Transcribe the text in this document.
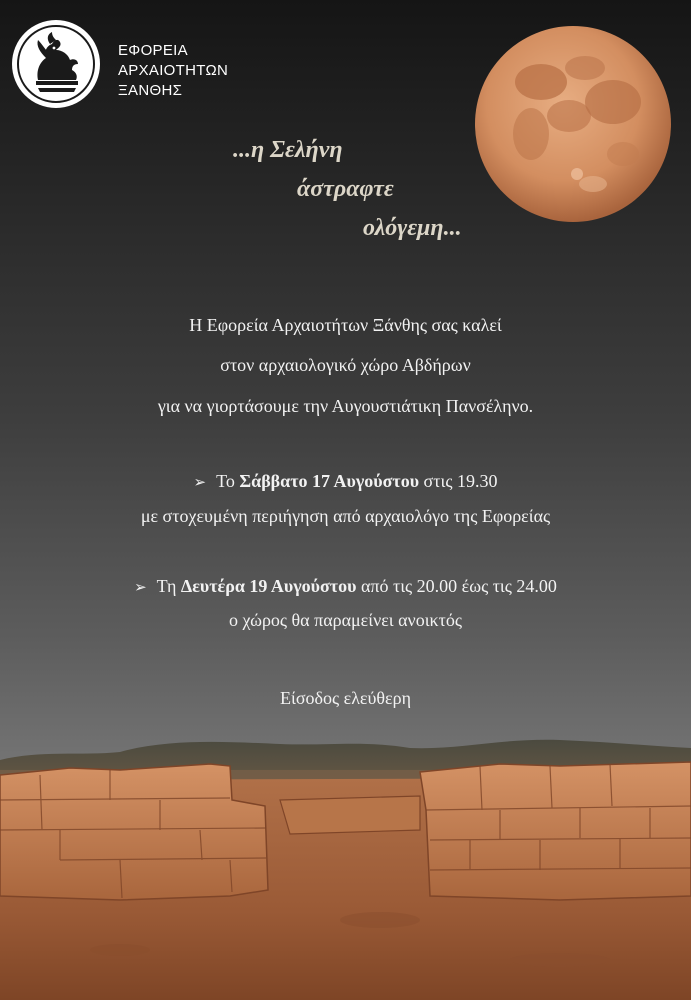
ΕΦΟΡΕΙΑ
ΑΡΧΑΙΟΤΗΤΩΝ
ΞΑΝΘΗΣ
...η Σελήνη
άστραφτε
ολόγεμη...
Η Εφορεία Αρχαιοτήτων Ξάνθης σας καλεί
στον αρχαιολογικό χώρο Αβδήρων
για να γιορτάσουμε την Αυγουστιάτικη Πανσέληνο.
➢ Το Σάββατο 17 Αυγούστου στις 19.30
με στοχευμένη περιήγηση από αρχαιολόγο της Εφορείας
➢ Τη Δευτέρα 19 Αυγούστου από τις 20.00 έως τις 24.00
ο χώρος θα παραμείνει ανοικτός
Είσοδος ελεύθερη
